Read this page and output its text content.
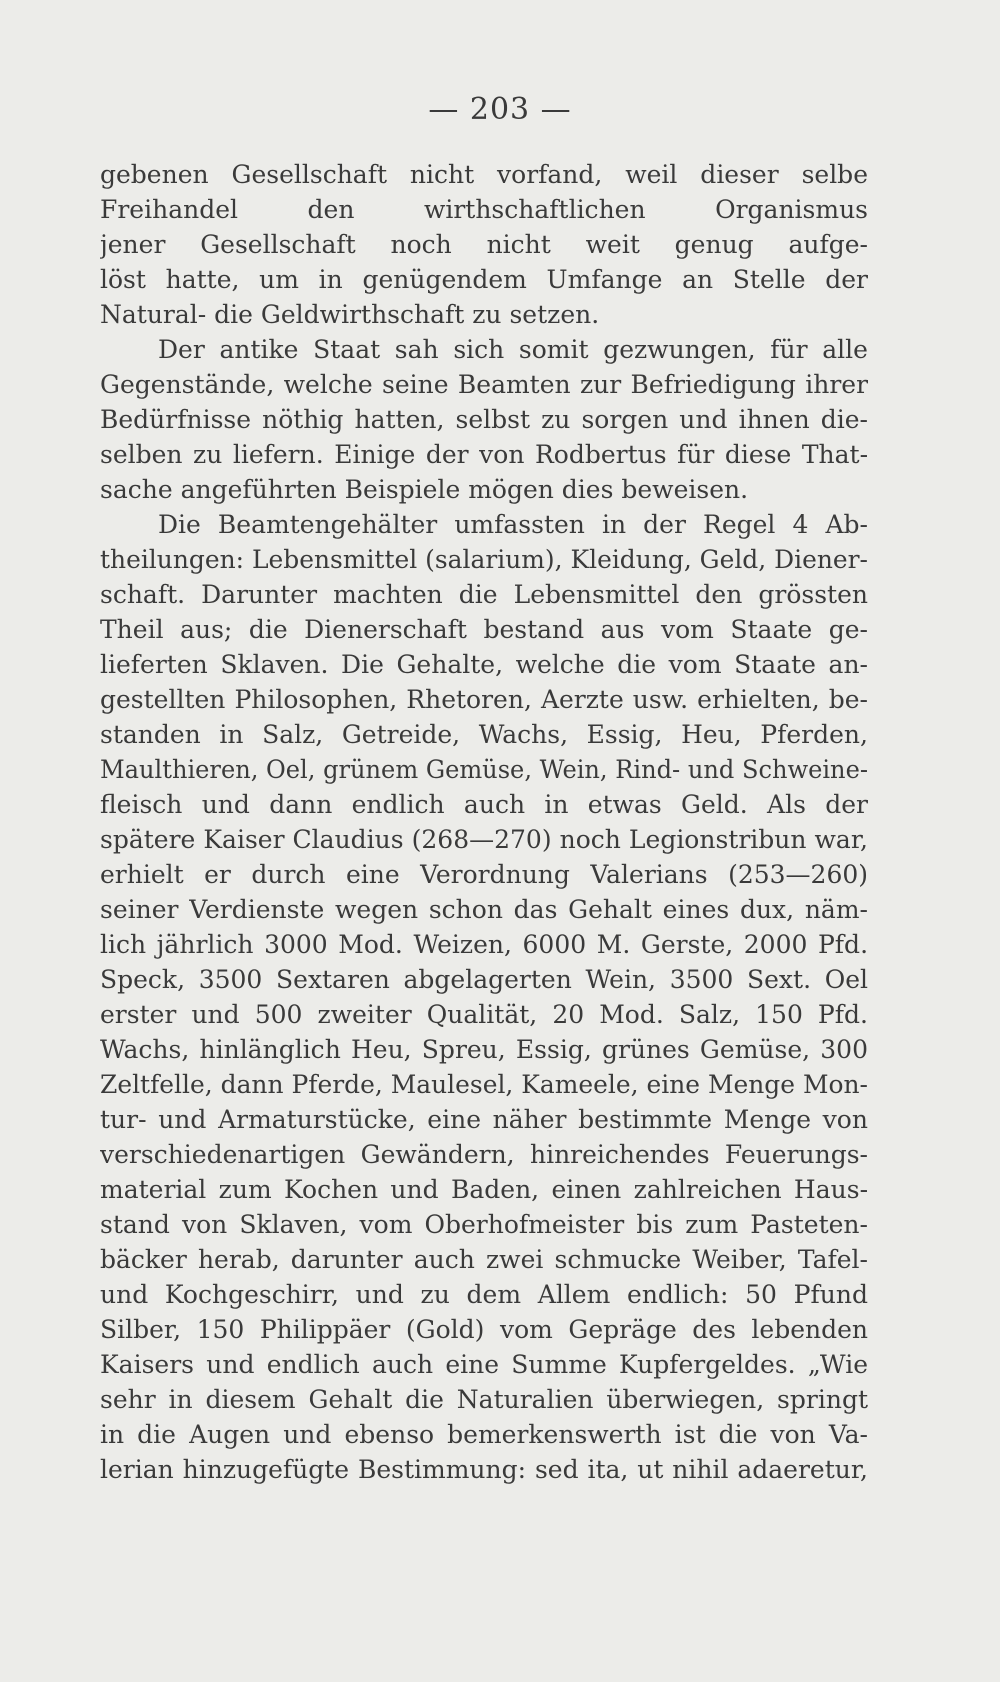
— 203 —
gebenen Gesellschaft nicht vorfand, weil dieser selbe
Freihandel den wirthschaftlichen Organismus
jener Gesellschaft noch nicht weit genug aufge-
löst hatte, um in genügendem Umfange an Stelle der
Natural- die Geldwirthschaft zu setzen.
Der antike Staat sah sich somit gezwungen, für alle
Gegenstände, welche seine Beamten zur Befriedigung ihrer
Bedürfnisse nöthig hatten, selbst zu sorgen und ihnen die-
selben zu liefern. Einige der von Rodbertus für diese That-
sache angeführten Beispiele mögen dies beweisen.
Die Beamtengehälter umfassten in der Regel 4 Ab-
theilungen: Lebensmittel (salarium), Kleidung, Geld, Diener-
schaft. Darunter machten die Lebensmittel den grössten
Theil aus; die Dienerschaft bestand aus vom Staate ge-
lieferten Sklaven. Die Gehalte, welche die vom Staate an-
gestellten Philosophen, Rhetoren, Aerzte usw. erhielten, be-
standen in Salz, Getreide, Wachs, Essig, Heu, Pferden,
Maulthieren, Oel, grünem Gemüse, Wein, Rind- und Schweine-
fleisch und dann endlich auch in etwas Geld. Als der
spätere Kaiser Claudius (268—270) noch Legionstribun war,
erhielt er durch eine Verordnung Valerians (253—260)
seiner Verdienste wegen schon das Gehalt eines dux, näm-
lich jährlich 3000 Mod. Weizen, 6000 M. Gerste, 2000 Pfd.
Speck, 3500 Sextaren abgelagerten Wein, 3500 Sext. Oel
erster und 500 zweiter Qualität, 20 Mod. Salz, 150 Pfd.
Wachs, hinlänglich Heu, Spreu, Essig, grünes Gemüse, 300
Zeltfelle, dann Pferde, Maulesel, Kameele, eine Menge Mon-
tur- und Armaturstücke, eine näher bestimmte Menge von
verschiedenartigen Gewändern, hinreichendes Feuerungs-
material zum Kochen und Baden, einen zahlreichen Haus-
stand von Sklaven, vom Oberhofmeister bis zum Pasteten-
bäcker herab, darunter auch zwei schmucke Weiber, Tafel-
und Kochgeschirr, und zu dem Allem endlich: 50 Pfund
Silber, 150 Philippäer (Gold) vom Gepräge des lebenden
Kaisers und endlich auch eine Summe Kupfergeldes. „Wie
sehr in diesem Gehalt die Naturalien überwiegen, springt
in die Augen und ebenso bemerkenswerth ist die von Va-
lerian hinzugefügte Bestimmung: sed ita, ut nihil adaeretur,
